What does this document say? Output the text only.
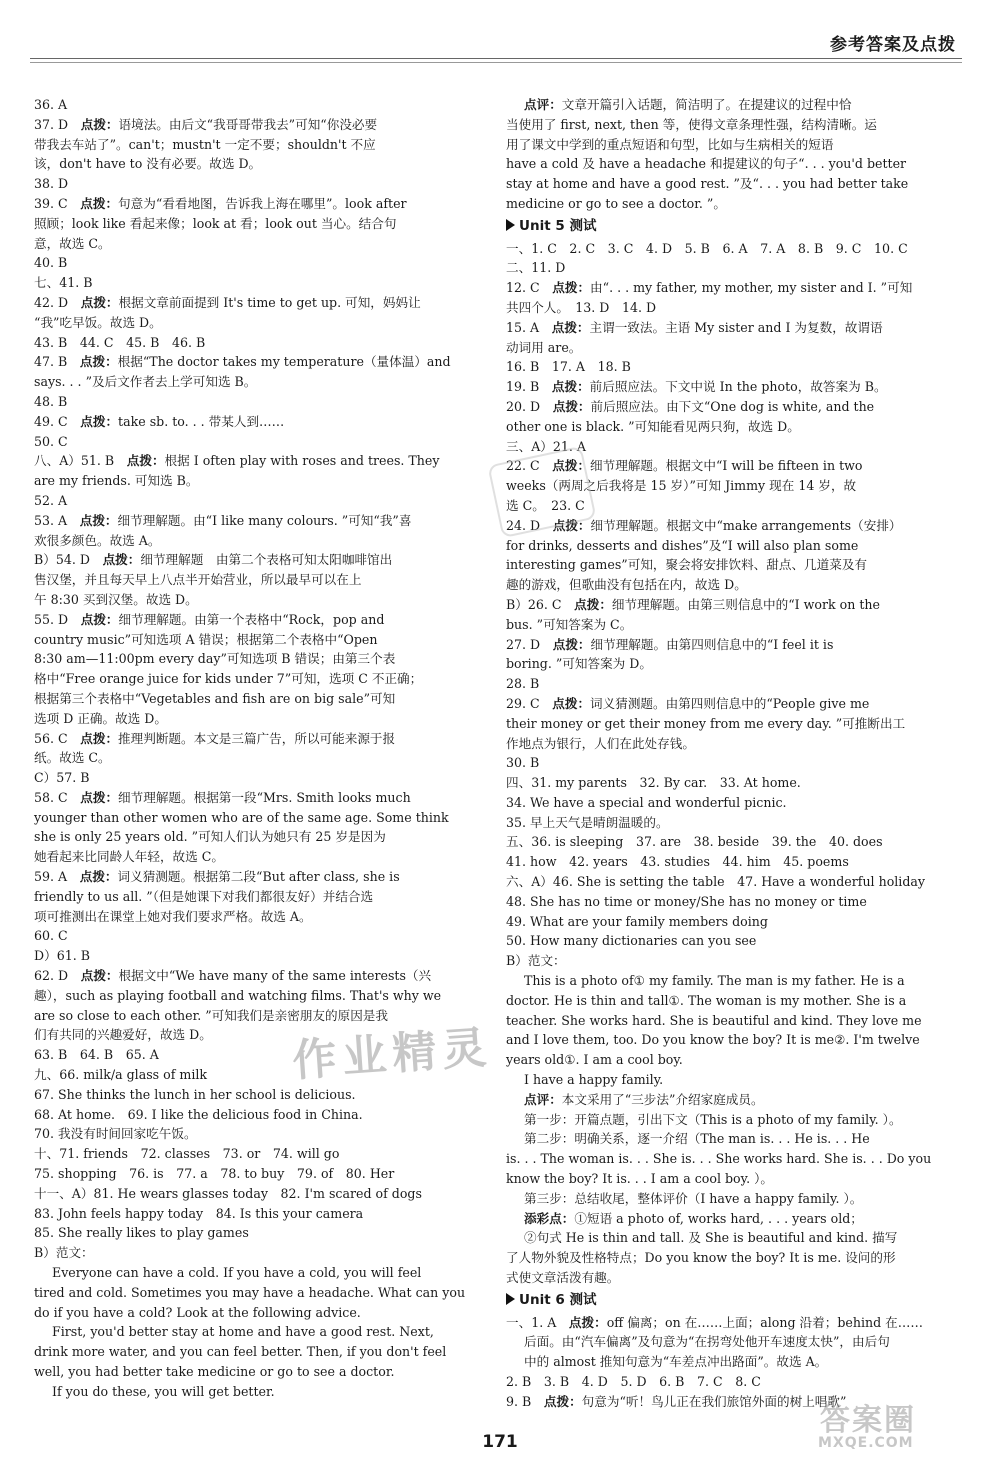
参考答案及点拨
36. A
37. D　点拨：语境法。由后文“我哥哥带我去”可知“你没必要
带我去车站了”。can't；mustn't 一定不要；shouldn't 不应
该，don't have to 没有必要。故选 D。
38. D
39. C　点拨：句意为“看看地图，告诉我上海在哪里”。look after
照顾；look like 看起来像；look at 看；look out 当心。结合句
意，故选 C。
40. B
七、41. B
42. D　点拨：根据文章前面提到 It's time to get up. 可知，妈妈让
“我”吃早饭。故选 D。
43. B　44. C　45. B　46. B
47. B　点拨：根据“The doctor takes my temperature（量体温）and
says. . . ”及后文作者去上学可知选 B。
48. B
49. C　点拨：take sb. to. . . 带某人到……
50. C
八、A）51. B　点拨：根据 I often play with roses and trees. They
are my friends. 可知选 B。
52. A
53. A　点拨：细节理解题。由“I like many colours. ”可知“我”喜
欢很多颜色。故选 A。
B）54. D　点拨：细节理解题　由第二个表格可知太阳咖啡馆出
售汉堡，并且每天早上八点半开始营业，所以最早可以在上
午 8:30 买到汉堡。故选 D。
55. D　点拨：细节理解题。由第一个表格中“Rock，pop and
country music”可知选项 A 错误；根据第二个表格中“Open
8:30 am—11:00pm every day”可知选项 B 错误；由第三个表
格中“Free orange juice for kids under 7”可知，选项 C 不正确；
根据第三个表格中“Vegetables and fish are on big sale”可知
选项 D 正确。故选 D。
56. C　点拨：推理判断题。本文是三篇广告，所以可能来源于报
纸。故选 C。
C）57. B
58. C　点拨：细节理解题。根据第一段“Mrs. Smith looks much
younger than other women who are of the same age. Some think
she is only 25 years old. ”可知人们认为她只有 25 岁是因为
她看起来比同龄人年轻，故选 C。
59. A　点拨：词义猜测题。根据第二段“But after class, she is
friendly to us all. ”（但是她课下对我们都很友好）并结合选
项可推测出在课堂上她对我们要求严格。故选 A。
60. C
D）61. B
62. D　点拨：根据文中“We have many of the same interests（兴
趣），such as playing football and watching films. That's why we
are so close to each other. ”可知我们是亲密朋友的原因是我
们有共同的兴趣爱好，故选 D。
63. B　64. B　65. A
九、66. milk/a glass of milk
67. She thinks the lunch in her school is delicious.
68. At home.　69. I like the delicious food in China.
70. 我没有时间回家吃午饭。
十、71. friends　72. classes　73. or　74. will go
75. shopping　76. is　77. a　78. to buy　79. of　80. Her
十一、A）81. He wears glasses today　82. I'm scared of dogs
83. John feels happy today　84. Is this your camera
85. She really likes to play games
B）范文：
Everyone can have a cold. If you have a cold, you will feel
tired and cold. Sometimes you may have a headache. What can you
do if you have a cold? Look at the following advice.
First, you'd better stay at home and have a good rest. Next,
drink more water, and you can feel better. Then, if you don't feel
well, you had better take medicine or go to see a doctor.
If you do these, you will get better.
点评：文章开篇引入话题，简洁明了。在提建议的过程中恰
当使用了 first, next, then 等，使得文章条理性强，结构清晰。运
用了课文中学到的重点短语和句型，比如与生病相关的短语
have a cold 及 have a headache 和提建议的句子“. . . you'd better
stay at home and have a good rest. ”及“. . . you had better take
medicine or go to see a doctor. ”。
Unit 5 测试
一、1. C　2. C　3. C　4. D　5. B　6. A　7. A　8. B　9. C　10. C
二、11. D
12. C　点拨：由“. . . my father, my mother, my sister and I. ”可知
共四个人。　13. D　14. D
15. A　点拨：主谓一致法。主语 My sister and I 为复数，故谓语
动词用 are。
16. B　17. A　18. B
19. B　点拨：前后照应法。下文中说 In the photo，故答案为 B。
20. D　点拨：前后照应法。由下文“One dog is white, and the
other one is black. ”可知能看见两只狗，故选 D。
三、A）21. A
22. C　点拨：细节理解题。根据文中“I will be fifteen in two
weeks（两周之后我将是 15 岁）”可知 Jimmy 现在 14 岁，故
选 C。　23. C
24. D　点拨：细节理解题。根据文中“make arrangements（安排）
for drinks, desserts and dishes”及“I will also plan some
interesting games”可知，聚会将安排饮料、甜点、几道菜及有
趣的游戏，但歌曲没有包括在内，故选 D。
B）26. C　点拨：细节理解题。由第三则信息中的“I work on the
bus. ”可知答案为 C。
27. D　点拨：细节理解题。由第四则信息中的“I feel it is
boring. ”可知答案为 D。
28. B
29. C　点拨：词义猜测题。由第四则信息中的“People give me
their money or get their money from me every day. ”可推断出工
作地点为银行，人们在此处存钱。
30. B
四、31. my parents　32. By car.　33. At home.
34. We have a special and wonderful picnic.
35. 早上天气是晴朗温暖的。
五、36. is sleeping　37. are　38. beside　39. the　40. does
41. how　42. years　43. studies　44. him　45. poems
六、A）46. She is setting the table　47. Have a wonderful holiday
48. She has no time or money/She has no money or time
49. What are your family members doing
50. How many dictionaries can you see
B）范文：
This is a photo of① my family. The man is my father. He is a
doctor. He is thin and tall①. The woman is my mother. She is a
teacher. She works hard. She is beautiful and kind. They love me
and I love them, too. Do you know the boy? It is me②. I'm twelve
years old①. I am a cool boy.
I have a happy family.
点评：本文采用了“三步法”介绍家庭成员。
第一步：开篇点题，引出下文（This is a photo of my family. ）。
第二步：明确关系，逐一介绍（The man is. . . He is. . . He
is. . . The woman is. . . She is. . . She works hard. She is. . . Do you
know the boy? It is. . . I am a cool boy. ）。
第三步：总结收尾，整体评价（I have a happy family. ）。
添彩点：①短语 a photo of, works hard, . . . years old；
②句式 He is thin and tall. 及 She is beautiful and kind. 描写
了人物外貌及性格特点；Do you know the boy? It is me. 设问的形
式使文章活泼有趣。
Unit 6 测试
一、1. A　点拨：off 偏离；on 在……上面；along 沿着；behind 在……
后面。由“汽车偏离”及句意为“在拐弯处他开车速度太快”，由后句
中的 almost 推知句意为“车差点冲出路面”。故选 A。
2. B　3. B　4. D　5. D　6. B　7. C　8. C
9. B　点拨：句意为“听！鸟儿正在我们旅馆外面的树上唱歌”
作业精灵
答案圈
MXQE.COM
171
